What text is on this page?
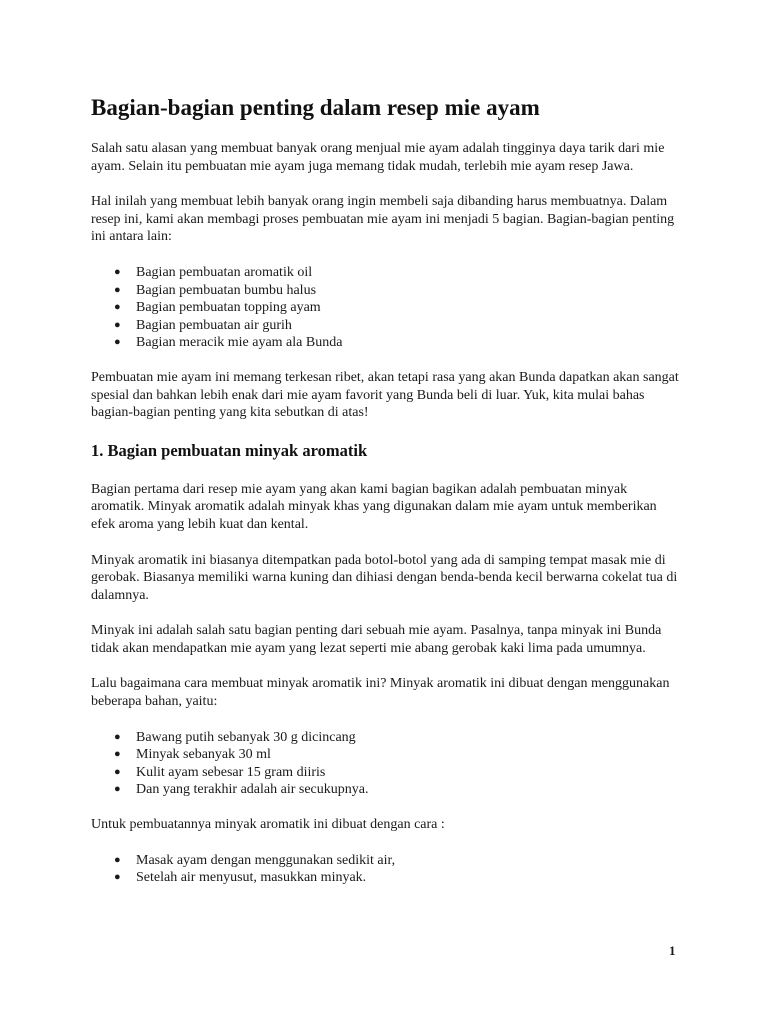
Bagian-bagian penting dalam resep mie ayam

Salah satu alasan yang membuat banyak orang menjual mie ayam adalah tingginya daya tarik dari mie ayam. Selain itu pembuatan mie ayam juga memang tidak mudah, terlebih mie ayam resep Jawa.

Hal inilah yang membuat lebih banyak orang ingin membeli saja dibanding harus membuatnya. Dalam resep ini, kami akan membagi proses pembuatan mie ayam ini menjadi 5 bagian. Bagian-bagian penting ini antara lain:

● Bagian pembuatan aromatik oil
● Bagian pembuatan bumbu halus
● Bagian pembuatan topping ayam
● Bagian pembuatan air gurih
● Bagian meracik mie ayam ala Bunda

Pembuatan mie ayam ini memang terkesan ribet, akan tetapi rasa yang akan Bunda dapatkan akan sangat spesial dan bahkan lebih enak dari mie ayam favorit yang Bunda beli di luar. Yuk, kita mulai bahas bagian-bagian penting yang kita sebutkan di atas!

1. Bagian pembuatan minyak aromatik

Bagian pertama dari resep mie ayam yang akan kami bagian bagikan adalah pembuatan minyak aromatik. Minyak aromatik adalah minyak khas yang digunakan dalam mie ayam untuk memberikan efek aroma yang lebih kuat dan kental.

Minyak aromatik ini biasanya ditempatkan pada botol-botol yang ada di samping tempat masak mie di gerobak. Biasanya memiliki warna kuning dan dihiasi dengan benda-benda kecil berwarna cokelat tua di dalamnya.

Minyak ini adalah salah satu bagian penting dari sebuah mie ayam. Pasalnya, tanpa minyak ini Bunda tidak akan mendapatkan mie ayam yang lezat seperti mie abang gerobak kaki lima pada umumnya.

Lalu bagaimana cara membuat minyak aromatik ini? Minyak aromatik ini dibuat dengan menggunakan beberapa bahan, yaitu:

● Bawang putih sebanyak 30 g dicincang
● Minyak sebanyak 30 ml
● Kulit ayam sebesar 15 gram diiris
● Dan yang terakhir adalah air secukupnya.

Untuk pembuatannya minyak aromatik ini dibuat dengan cara :

● Masak ayam dengan menggunakan sedikit air,
● Setelah air menyusut, masukkan minyak.
1
